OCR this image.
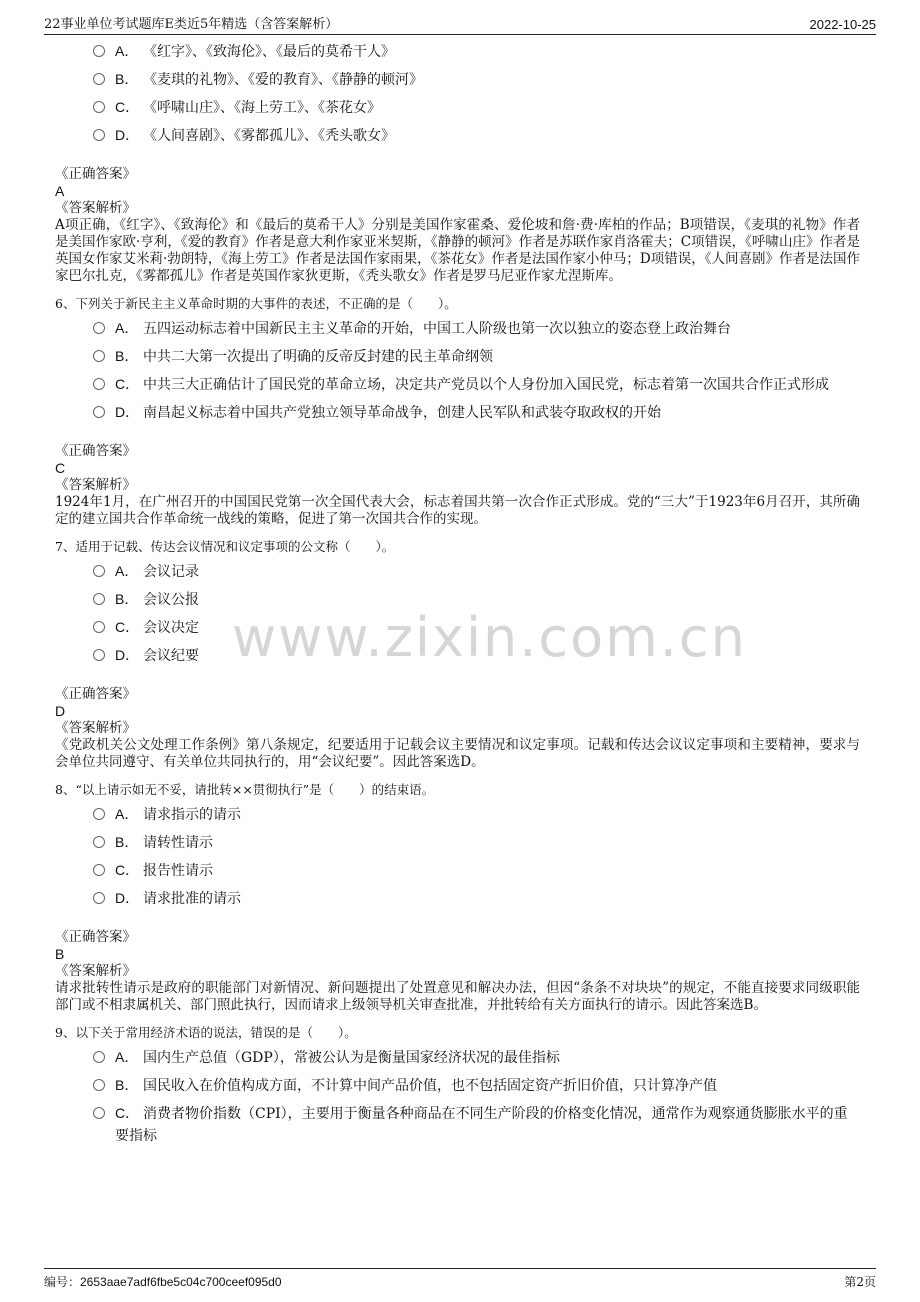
22事业单位考试题库E类近5年精选（含答案解析）	2022-10-25
www.zixin.com.cn
A． 《红字》、《致海伦》、《最后的莫希干人》
B． 《麦琪的礼物》、《爱的教育》、《静静的顿河》
C． 《呼啸山庄》、《海上劳工》、《茶花女》
D． 《人间喜剧》、《雾都孤儿》、《秃头歌女》
《正确答案》
A
《答案解析》
A项正确，《红字》、《致海伦》和《最后的莫希干人》分别是美国作家霍桑、爱伦坡和詹·费·库柏的作品；B项错误，《麦琪的礼物》作者是美国作家欧·亨利，《爱的教育》作者是意大利作家亚米契斯，《静静的顿河》作者是苏联作家肖洛霍夫；C项错误，《呼啸山庄》作者是英国女作家艾米莉·勃朗特，《海上劳工》作者是法国作家雨果，《茶花女》作者是法国作家小仲马；D项错误，《人间喜剧》作者是法国作家巴尔扎克，《雾都孤儿》作者是英国作家狄更斯，《秃头歌女》作者是罗马尼亚作家尤涅斯库。
6、下列关于新民主主义革命时期的大事件的表述，不正确的是（　　）。
A． 五四运动标志着中国新民主主义革命的开始，中国工人阶级也第一次以独立的姿态登上政治舞台
B． 中共二大第一次提出了明确的反帝反封建的民主革命纲领
C． 中共三大正确估计了国民党的革命立场，决定共产党员以个人身份加入国民党，标志着第一次国共合作正式形成
D． 南昌起义标志着中国共产党独立领导革命战争，创建人民军队和武装夺取政权的开始
《正确答案》
C
《答案解析》
1924年1月，在广州召开的中国国民党第一次全国代表大会，标志着国共第一次合作正式形成。党的“三大”于1923年6月召开，其所确定的建立国共合作革命统一战线的策略，促进了第一次国共合作的实现。
7、适用于记载、传达会议情况和议定事项的公文称（　　）。
A． 会议记录
B． 会议公报
C． 会议决定
D． 会议纪要
《正确答案》
D
《答案解析》
《党政机关公文处理工作条例》第八条规定，纪要适用于记载会议主要情况和议定事项。记载和传达会议议定事项和主要精神，要求与会单位共同遵守、有关单位共同执行的，用“会议纪要”。因此答案选D。
8、“以上请示如无不妥，请批转××贯彻执行”是（　　）的结束语。
A． 请求指示的请示
B． 请转性请示
C． 报告性请示
D． 请求批准的请示
《正确答案》
B
《答案解析》
请求批转性请示是政府的职能部门对新情况、新问题提出了处置意见和解决办法，但因“条条不对块块”的规定，不能直接要求同级职能部门或不相隶属机关、部门照此执行，因而请求上级领导机关审查批准，并批转给有关方面执行的请示。因此答案选B。
9、以下关于常用经济术语的说法，错误的是（　　）。
A． 国内生产总值（GDP），常被公认为是衡量国家经济状况的最佳指标
B． 国民收入在价值构成方面，不计算中间产品价值，也不包括固定资产折旧价值，只计算净产值
C． 消费者物价指数（CPI），主要用于衡量各种商品在不同生产阶段的价格变化情况，通常作为观察通货膨胀水平的重要指标
编号：2653aae7adf6fbe5c04c700ceef095d0	第2页
